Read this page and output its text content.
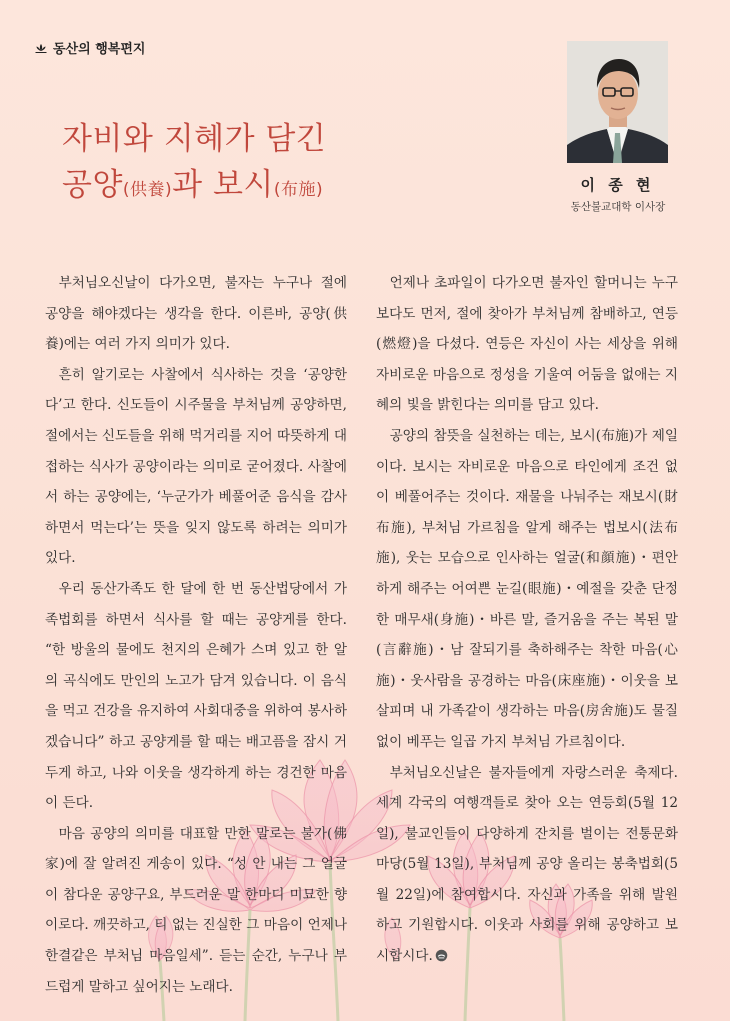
동산의 행복편지
자비와 지혜가 담긴
공양(供養)과 보시(布施)	이 종 현
동산불교대학 이사장

부처님오신날이 다가오면, 불자는 누구나 절에 공양을 해야겠다는 생각을 한다. 이른바, 공양(供養)에는 여러 가지 의미가 있다.

흔히 알기로는 사찰에서 식사하는 것을 ‘공양한다’고 한다. 신도들이 시주물을 부처님께 공양하면, 절에서는 신도들을 위해 먹거리를 지어 따뜻하게 대접하는 식사가 공양이라는 의미로 굳어졌다. 사찰에서 하는 공양에는, ‘누군가가 베풀어준 음식을 감사하면서 먹는다’는 뜻을 잊지 않도록 하려는 의미가 있다.

우리 동산가족도 한 달에 한 번 동산법당에서 가족법회를 하면서 식사를 할 때는 공양게를 한다. “한 방울의 물에도 천지의 은혜가 스며 있고 한 알의 곡식에도 만인의 노고가 담겨 있습니다. 이 음식을 먹고 건강을 유지하여 사회대중을 위하여 봉사하겠습니다” 하고 공양게를 할 때는 배고픔을 잠시 거두게 하고, 나와 이웃을 생각하게 하는 경건한 마음이 든다.

마음 공양의 의미를 대표할 만한 말로는 불가(佛家)에 잘 알려진 게송이 있다. “성 안 내는 그 얼굴이 참다운 공양구요, 부드러운 말 한마디 미묘한 향이로다. 깨끗하고, 티 없는 진실한 그 마음이 언제나 한결같은 부처님 마음일세”. 듣는 순간, 누구나 부드럽게 말하고 싶어지는 노래다.

언제나 초파일이 다가오면 불자인 할머니는 누구보다도 먼저, 절에 찾아가 부처님께 참배하고, 연등(燃燈)을 다셨다. 연등은 자신이 사는 세상을 위해 자비로운 마음으로 정성을 기울여 어둠을 없애는 지혜의 빛을 밝힌다는 의미를 담고 있다.

공양의 참뜻을 실천하는 데는, 보시(布施)가 제일이다. 보시는 자비로운 마음으로 타인에게 조건 없이 베풀어주는 것이다. 재물을 나눠주는 재보시(財布施), 부처님 가르침을 알게 해주는 법보시(法布施), 웃는 모습으로 인사하는 얼굴(和顔施)・편안하게 해주는 어여쁜 눈길(眼施)・예절을 갖춘 단정한 매무새(身施)・바른 말, 즐거움을 주는 복된 말(言辭施)・남 잘되기를 축하해주는 착한 마음(心施)・웃사람을 공경하는 마음(床座施)・이웃을 보살피며 내 가족같이 생각하는 마음(房舍施)도 물질 없이 베푸는 일곱 가지 부처님 가르침이다.

부처님오신날은 불자들에게 자랑스러운 축제다. 세계 각국의 여행객들로 찾아 오는 연등회(5월 12일), 불교인들이 다양하게 잔치를 벌이는 전통문화마당(5월 13일), 부처님께 공양 올리는 봉축법회(5월 22일)에 참여합시다. 자신과 가족을 위해 발원하고 기원합시다. 이웃과 사회를 위해 공양하고 보시합시다.
